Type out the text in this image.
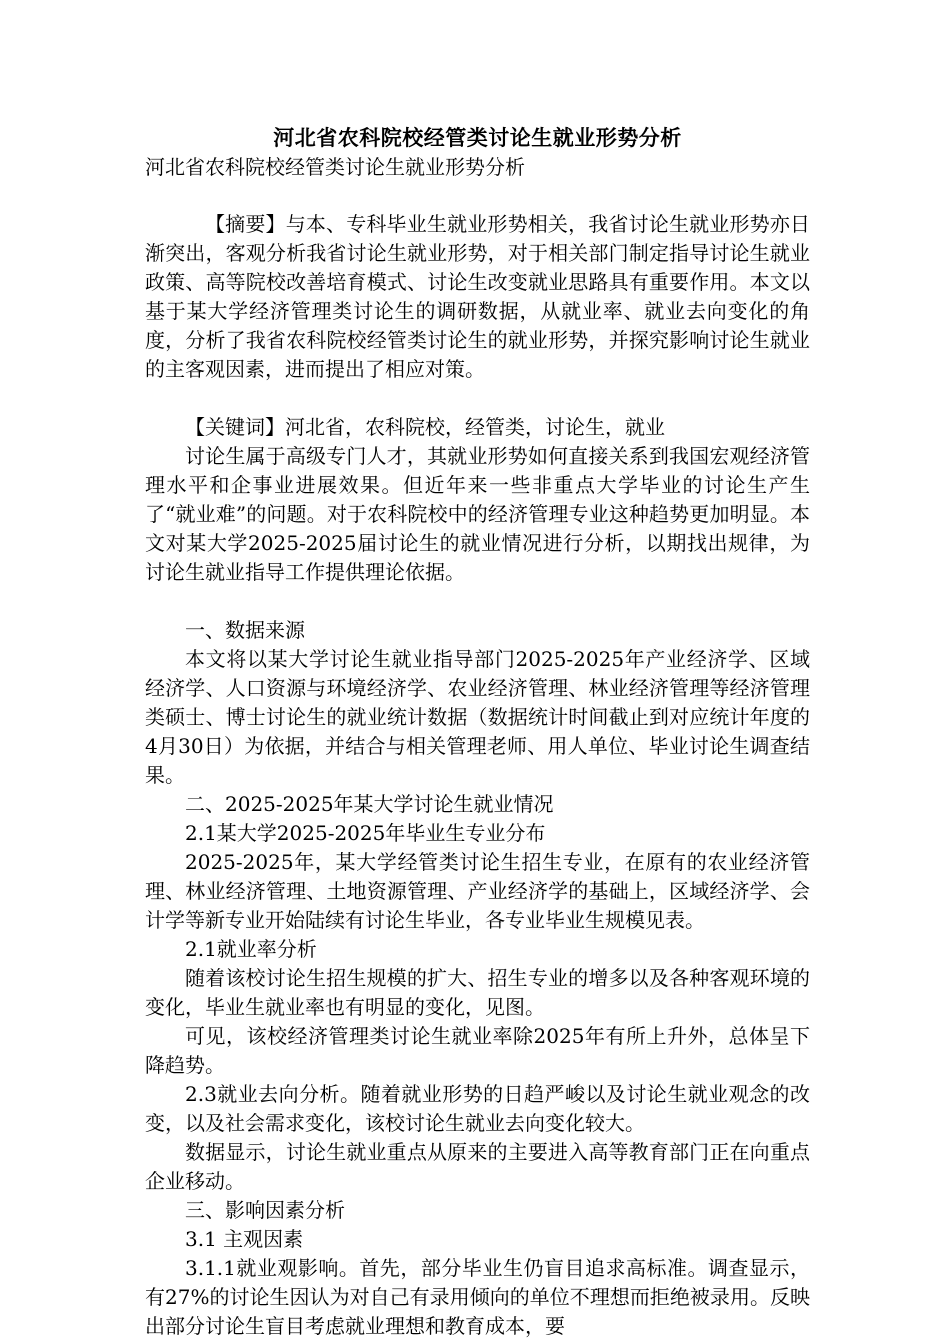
河北省农科院校经管类讨论生就业形势分析

河北省农科院校经管类讨论生就业形势分析

【摘要】与本、专科毕业生就业形势相关，我省讨论生就业形势亦日渐突出，客观分析我省讨论生就业形势，对于相关部门制定指导讨论生就业政策、高等院校改善培育模式、讨论生改变就业思路具有重要作用。本文以基于某大学经济管理类讨论生的调研数据，从就业率、就业去向变化的角度，分析了我省农科院校经管类讨论生的就业形势，并探究影响讨论生就业的主客观因素，进而提出了相应对策。

【关键词】河北省，农科院校，经管类，讨论生，就业

讨论生属于高级专门人才，其就业形势如何直接关系到我国宏观经济管理水平和企事业进展效果。但近年来一些非重点大学毕业的讨论生产生了“就业难”的问题。对于农科院校中的经济管理专业这种趋势更加明显。本文对某大学2025-2025届讨论生的就业情况进行分析，以期找出规律，为讨论生就业指导工作提供理论依据。

一、数据来源

本文将以某大学讨论生就业指导部门2025-2025年产业经济学、区域经济学、人口资源与环境经济学、农业经济管理、林业经济管理等经济管理类硕士、博士讨论生的就业统计数据（数据统计时间截止到对应统计年度的4月30日）为依据，并结合与相关管理老师、用人单位、毕业讨论生调查结果。

二、2025-2025年某大学讨论生就业情况

2.1某大学2025-2025年毕业生专业分布

2025-2025年，某大学经管类讨论生招生专业，在原有的农业经济管理、林业经济管理、土地资源管理、产业经济学的基础上，区域经济学、会计学等新专业开始陆续有讨论生毕业，各专业毕业生规模见表。

2.1就业率分析

随着该校讨论生招生规模的扩大、招生专业的增多以及各种客观环境的变化，毕业生就业率也有明显的变化，见图。

可见，该校经济管理类讨论生就业率除2025年有所上升外，总体呈下降趋势。

2.3就业去向分析。随着就业形势的日趋严峻以及讨论生就业观念的改变，以及社会需求变化，该校讨论生就业去向变化较大。

数据显示，讨论生就业重点从原来的主要进入高等教育部门正在向重点企业移动。

三、影响因素分析

3.1 主观因素

3.1.1就业观影响。首先，部分毕业生仍盲目追求高标准。调查显示，有27%的讨论生因认为对自己有录用倾向的单位不理想而拒绝被录用。反映出部分讨论生盲目考虑就业理想和教育成本，要
